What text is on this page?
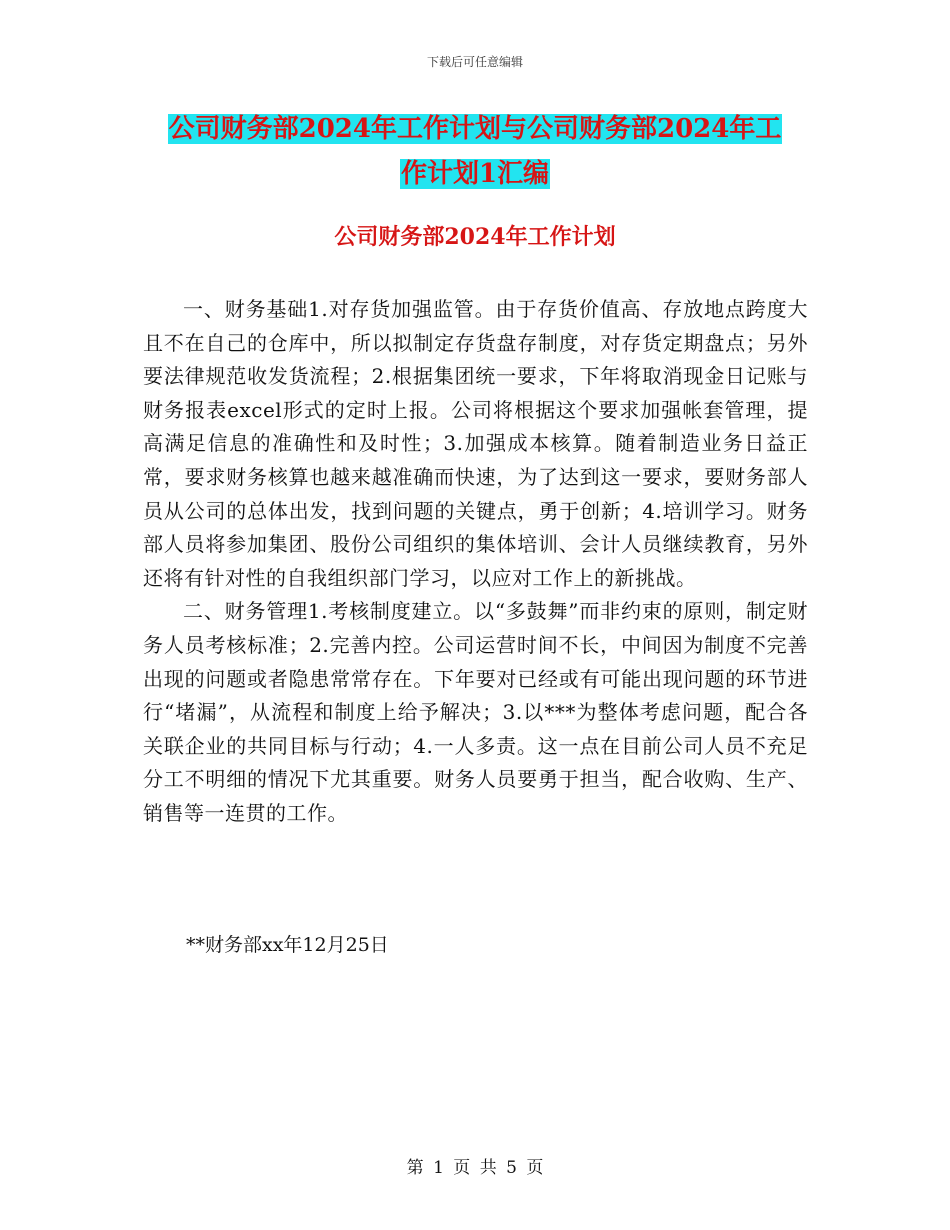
下载后可任意编辑
公司财务部2024年工作计划与公司财务部2024年工
作计划1汇编
公司财务部2024年工作计划

一、财务基础1.对存货加强监管。由于存货价值高、存放地点跨度大且不在自己的仓库中，所以拟制定存货盘存制度，对存货定期盘点；另外要法律规范收发货流程；2.根据集团统一要求，下年将取消现金日记账与财务报表excel形式的定时上报。公司将根据这个要求加强帐套管理，提高满足信息的准确性和及时性；3.加强成本核算。随着制造业务日益正常，要求财务核算也越来越准确而快速，为了达到这一要求，要财务部人员从公司的总体出发，找到问题的关键点，勇于创新；4.培训学习。财务部人员将参加集团、股份公司组织的集体培训、会计人员继续教育，另外还将有针对性的自我组织部门学习，以应对工作上的新挑战。

二、财务管理1.考核制度建立。以“多鼓舞”而非约束的原则，制定财务人员考核标准；2.完善内控。公司运营时间不长，中间因为制度不完善出现的问题或者隐患常常存在。下年要对已经或有可能出现问题的环节进行“堵漏”，从流程和制度上给予解决；3.以***为整体考虑问题，配合各关联企业的共同目标与行动；4.一人多责。这一点在目前公司人员不充足分工不明细的情况下尤其重要。财务人员要勇于担当，配合收购、生产、销售等一连贯的工作。

**财务部xx年12月25日
第 1 页 共 5 页
